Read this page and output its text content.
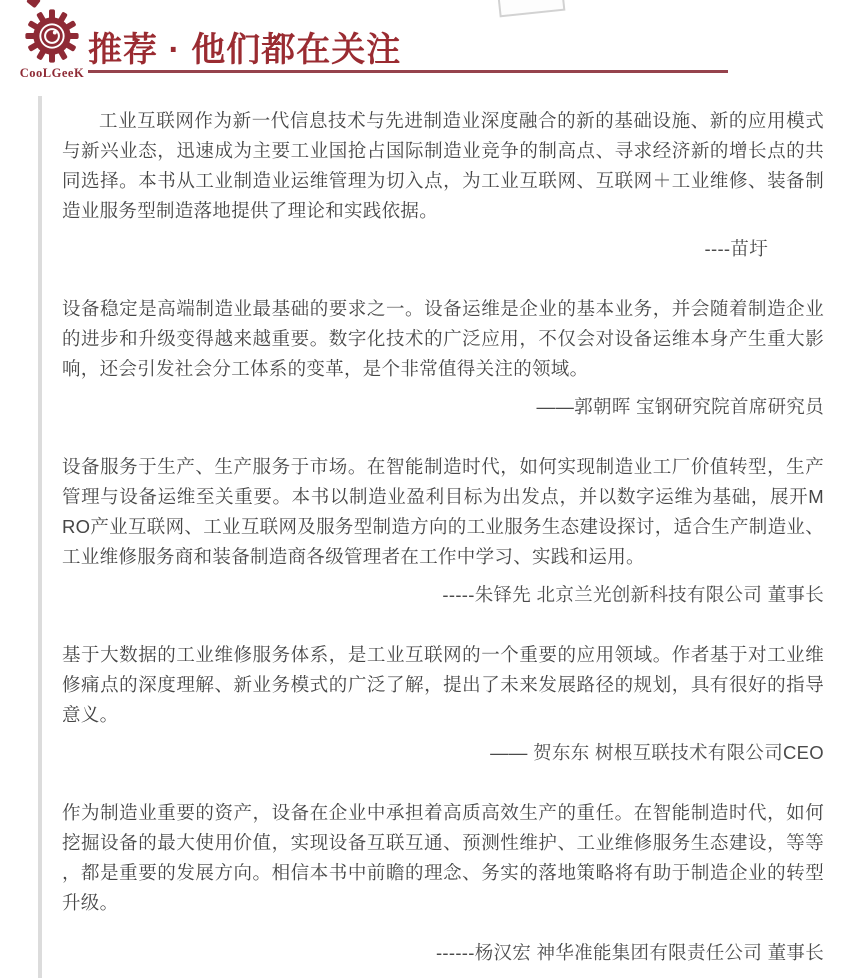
CooLGeeK
推荐 · 他们都在关注

工业互联网作为新一代信息技术与先进制造业深度融合的新的基础设施、新的应用模式与新兴业态，迅速成为主要工业国抢占国际制造业竞争的制高点、寻求经济新的增长点的共同选择。本书从工业制造业运维管理为切入点，为工业互联网、互联网＋工业维修、装备制造业服务型制造落地提供了理论和实践依据。

----苗圩

设备稳定是高端制造业最基础的要求之一。设备运维是企业的基本业务，并会随着制造企业的进步和升级变得越来越重要。数字化技术的广泛应用，不仅会对设备运维本身产生重大影响，还会引发社会分工体系的变革，是个非常值得关注的领域。

——郭朝晖 宝钢研究院首席研究员

设备服务于生产、生产服务于市场。在智能制造时代，如何实现制造业工厂价值转型，生产管理与设备运维至关重要。本书以制造业盈利目标为出发点，并以数字运维为基础，展开MRO产业互联网、工业互联网及服务型制造方向的工业服务生态建设探讨，适合生产制造业、工业维修服务商和装备制造商各级管理者在工作中学习、实践和运用。

-----朱铎先 北京兰光创新科技有限公司 董事长

基于大数据的工业维修服务体系，是工业互联网的一个重要的应用领域。作者基于对工业维修痛点的深度理解、新业务模式的广泛了解，提出了未来发展路径的规划，具有很好的指导意义。

—— 贺东东 树根互联技术有限公司CEO

作为制造业重要的资产，设备在企业中承担着高质高效生产的重任。在智能制造时代，如何挖掘设备的最大使用价值，实现设备互联互通、预测性维护、工业维修服务生态建设，等等，都是重要的发展方向。相信本书中前瞻的理念、务实的落地策略将有助于制造企业的转型升级。

------杨汉宏 神华准能集团有限责任公司 董事长
